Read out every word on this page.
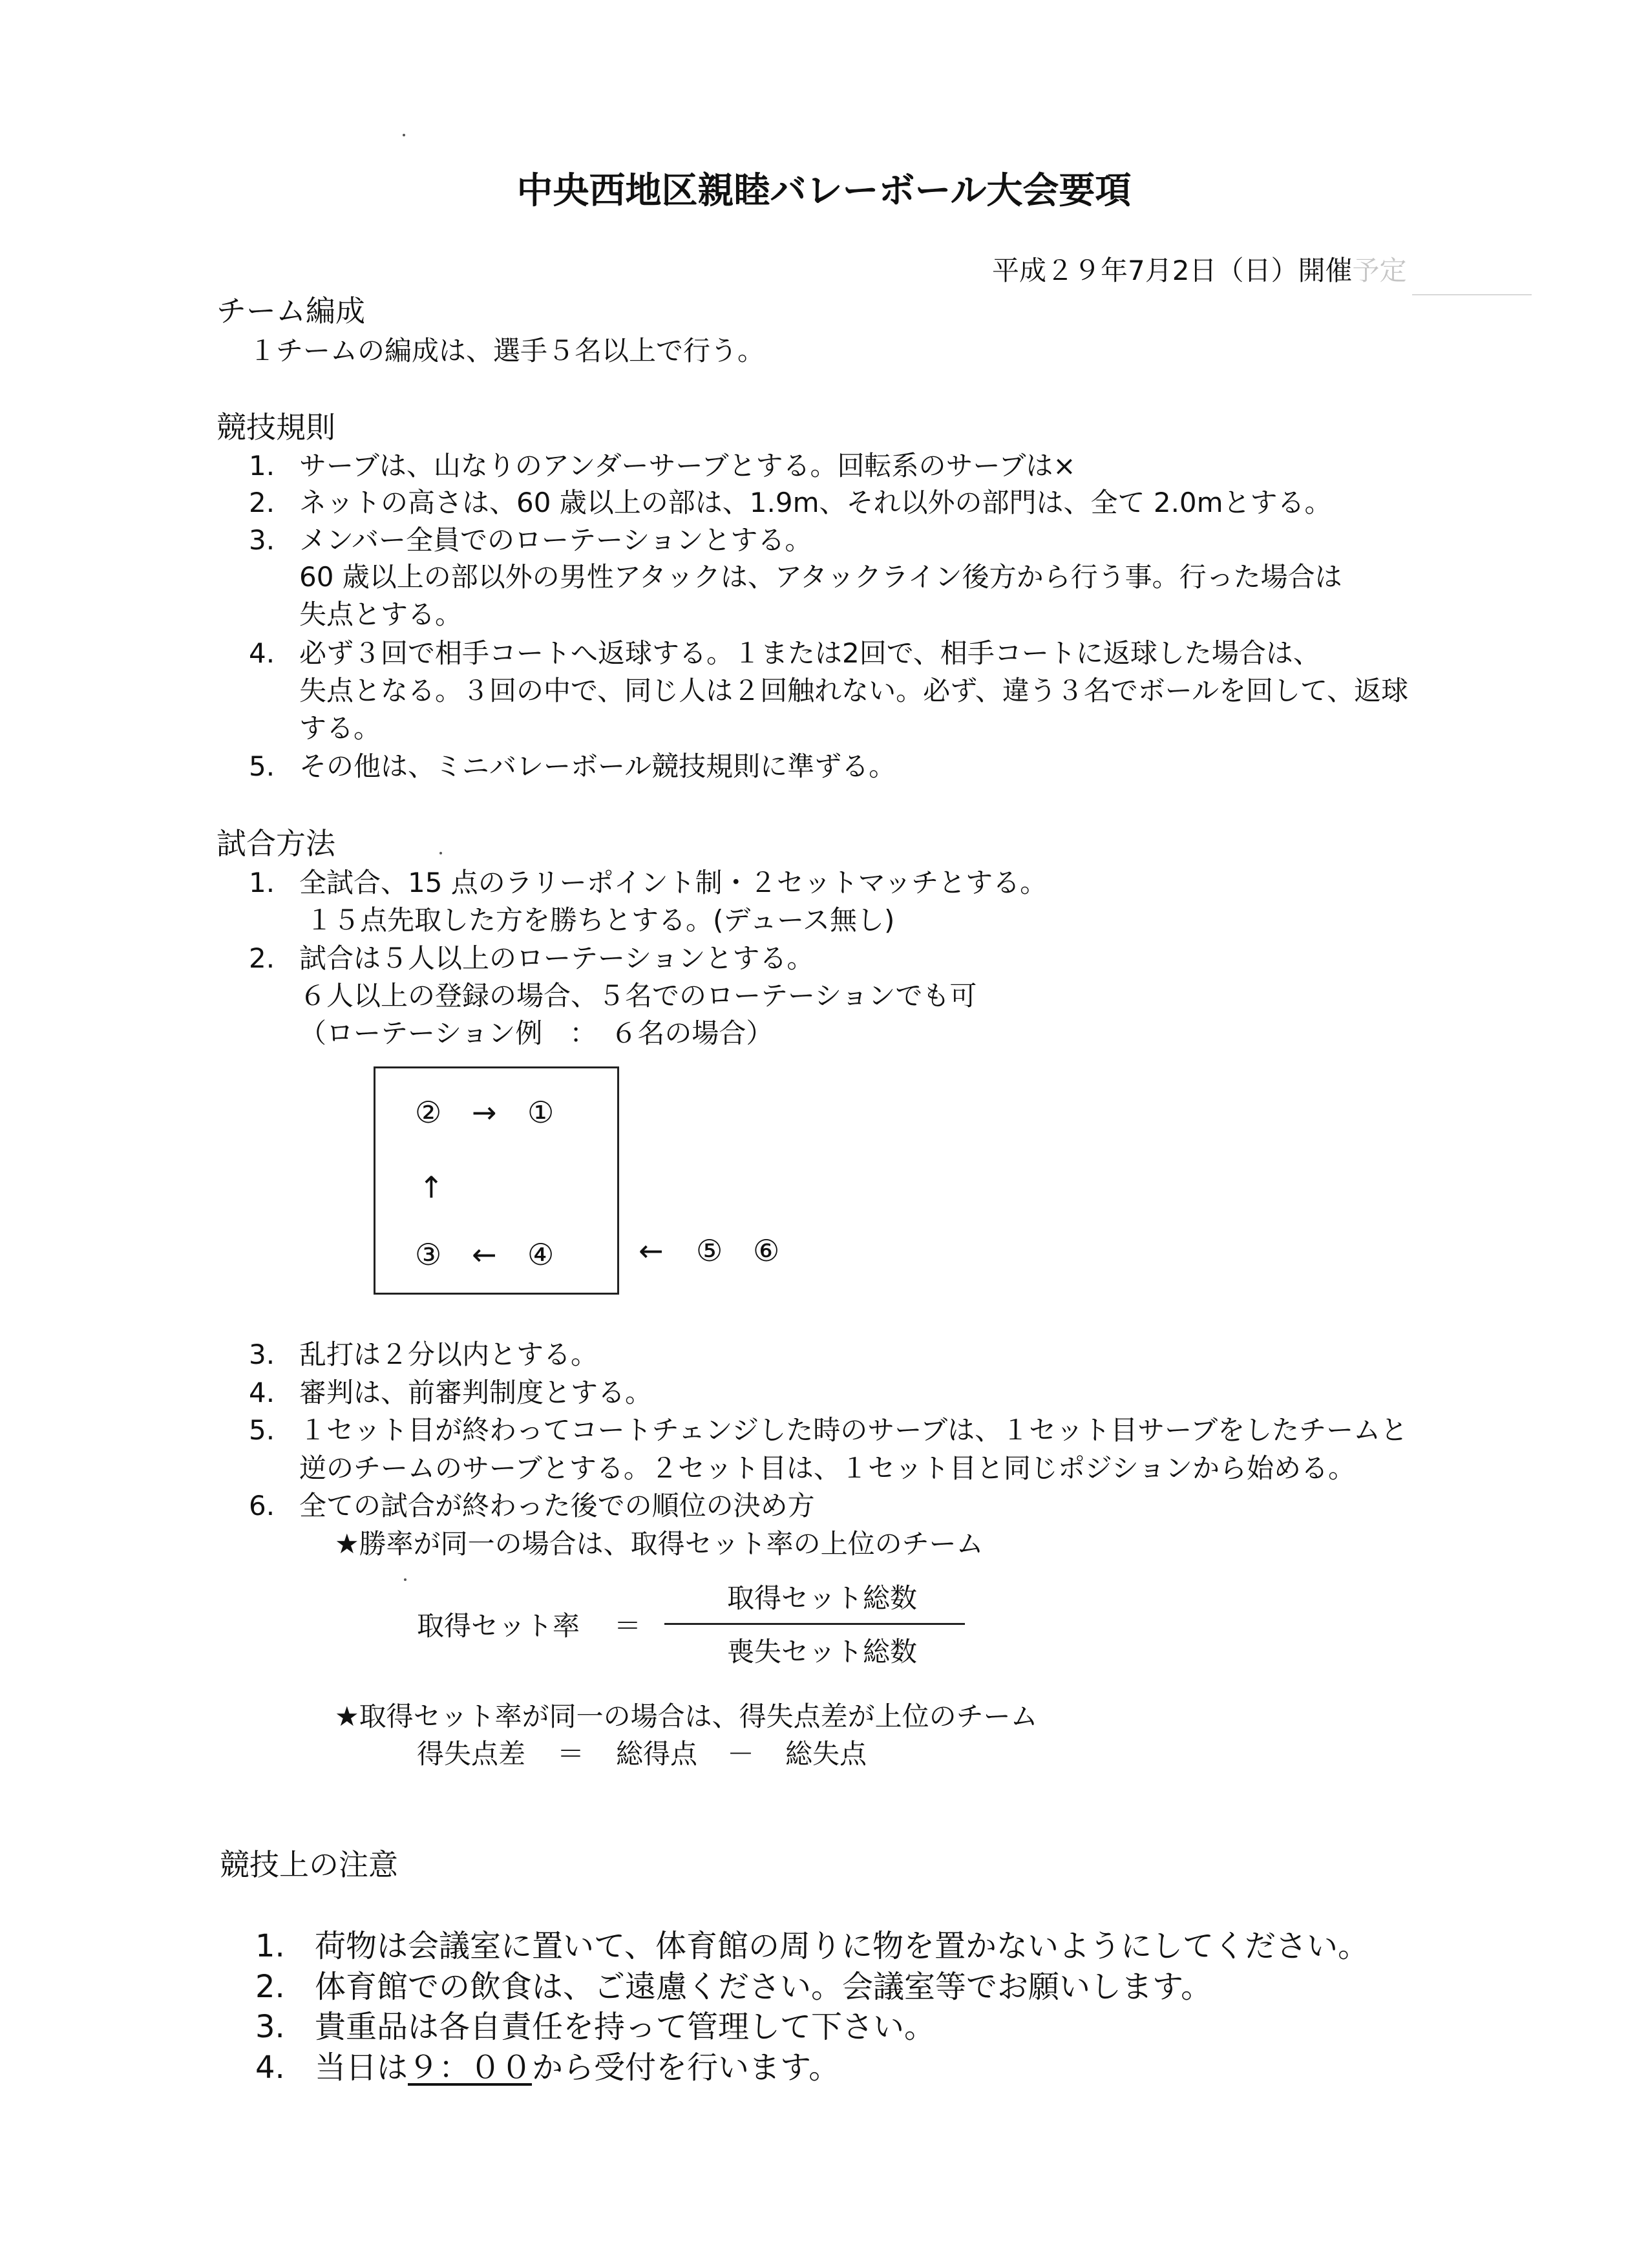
中央西地区親睦バレーボール大会要項
平成２９年7月2日（日）開催予定
チーム編成
１チームの編成は、選手５名以上で行う。
競技規則
1. サーブは、山なりのアンダーサーブとする。回転系のサーブは×
2. ネットの高さは、60 歳以上の部は、1.9m、それ以外の部門は、全て 2.0mとする。
3. メンバー全員でのローテーションとする。
60 歳以上の部以外の男性アタックは、アタックライン後方から行う事。行った場合は
失点とする。
4. 必ず３回で相手コートへ返球する。１または2回で、相手コートに返球した場合は、
失点となる。３回の中で、同じ人は２回触れない。必ず、違う３名でボールを回して、返球
する。
5. その他は、ミニバレーボール競技規則に準ずる。
試合方法
1. 全試合、15 点のラリーポイント制・２セットマッチとする。
１５点先取した方を勝ちとする。(デュース無し)
2. 試合は５人以上のローテーションとする。
６人以上の登録の場合、５名でのローテーションでも可
（ローテーション例　：　６名の場合）
② → ①
↑
③ ← ④	← ⑤ ⑥
3. 乱打は２分以内とする。
4. 審判は、前審判制度とする。
5. １セット目が終わってコートチェンジした時のサーブは、１セット目サーブをしたチームと
逆のチームのサーブとする。２セット目は、１セット目と同じポジションから始める。
6. 全ての試合が終わった後での順位の決め方
★勝率が同一の場合は、取得セット率の上位のチーム
取得セット総数
取得セット率 ＝
喪失セット総数
★取得セット率が同一の場合は、得失点差が上位のチーム
得失点差 ＝ 総得点 － 総失点
競技上の注意
1. 荷物は会議室に置いて、体育館の周りに物を置かないようにしてください。
2. 体育館での飲食は、ご遠慮ください。会議室等でお願いします。
3. 貴重品は各自責任を持って管理して下さい。
4. 当日は９：００から受付を行います。
